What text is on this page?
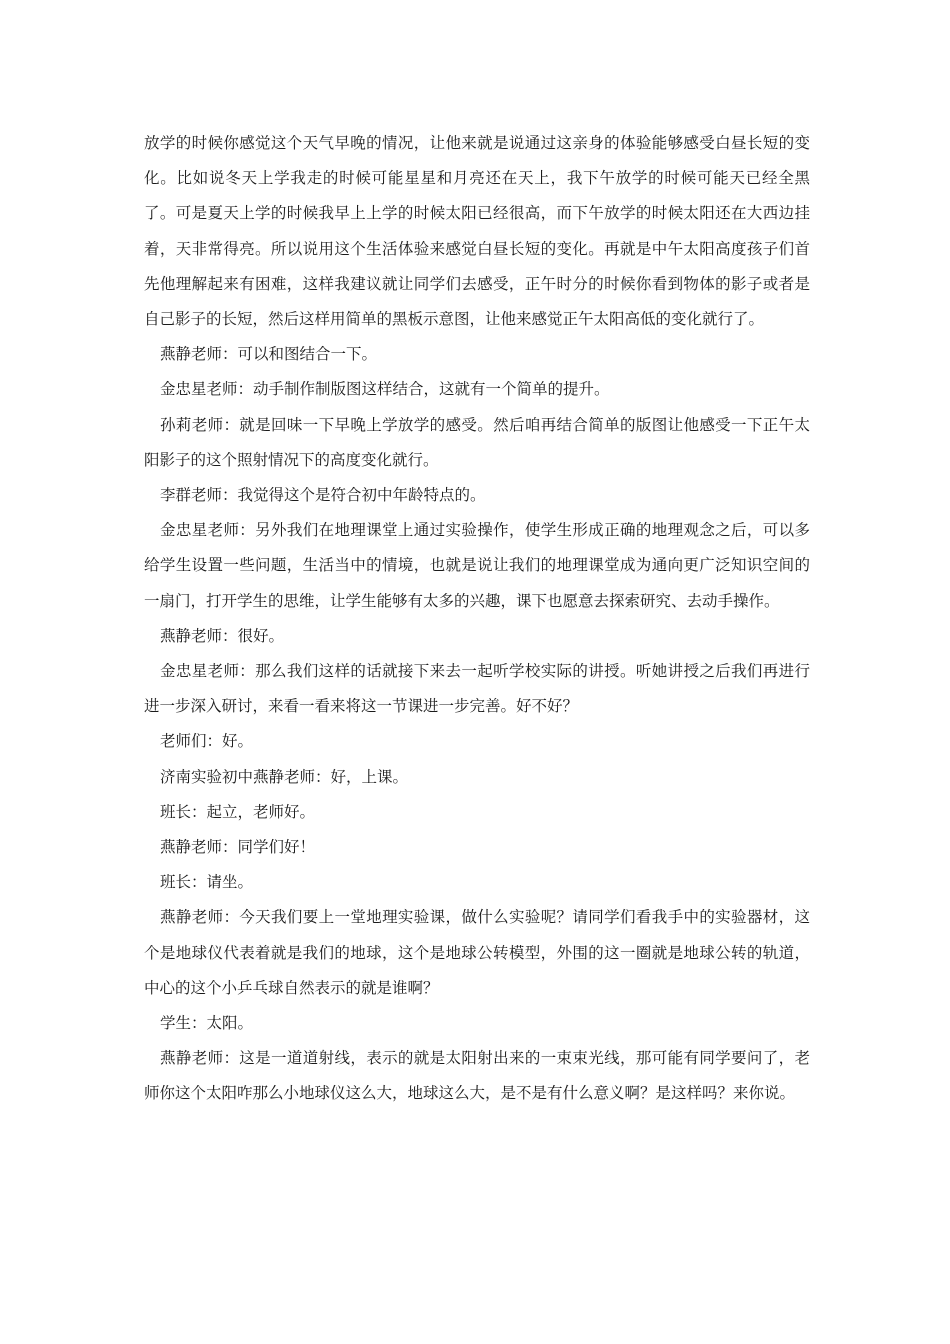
放学的时候你感觉这个天气早晚的情况，让他来就是说通过这亲身的体验能够感受白昼长短的变化。比如说冬天上学我走的时候可能星星和月亮还在天上，我下午放学的时候可能天已经全黑了。可是夏天上学的时候我早上上学的时候太阳已经很高，而下午放学的时候太阳还在大西边挂着，天非常得亮。所以说用这个生活体验来感觉白昼长短的变化。再就是中午太阳高度孩子们首先他理解起来有困难，这样我建议就让同学们去感受，正午时分的时候你看到物体的影子或者是自己影子的长短，然后这样用简单的黑板示意图，让他来感觉正午太阳高低的变化就行了。

燕静老师：可以和图结合一下。

金忠星老师：动手制作制版图这样结合，这就有一个简单的提升。

孙莉老师：就是回味一下早晚上学放学的感受。然后咱再结合简单的版图让他感受一下正午太阳影子的这个照射情况下的高度变化就行。

李群老师：我觉得这个是符合初中年龄特点的。

金忠星老师：另外我们在地理课堂上通过实验操作，使学生形成正确的地理观念之后，可以多给学生设置一些问题，生活当中的情境，也就是说让我们的地理课堂成为通向更广泛知识空间的一扇门，打开学生的思维，让学生能够有太多的兴趣，课下也愿意去探索研究、去动手操作。

燕静老师：很好。

金忠星老师：那么我们这样的话就接下来去一起听学校实际的讲授。听她讲授之后我们再进行进一步深入研讨，来看一看来将这一节课进一步完善。好不好？

老师们：好。

济南实验初中燕静老师：好，上课。

班长：起立，老师好。

燕静老师：同学们好！

班长：请坐。

燕静老师：今天我们要上一堂地理实验课，做什么实验呢？请同学们看我手中的实验器材，这个是地球仪代表着就是我们的地球，这个是地球公转模型，外围的这一圈就是地球公转的轨道，中心的这个小乒乓球自然表示的就是谁啊？

学生：太阳。

燕静老师：这是一道道射线，表示的就是太阳射出来的一束束光线，那可能有同学要问了，老师你这个太阳咋那么小地球仪这么大，地球这么大，是不是有什么意义啊？是这样吗？来你说。
